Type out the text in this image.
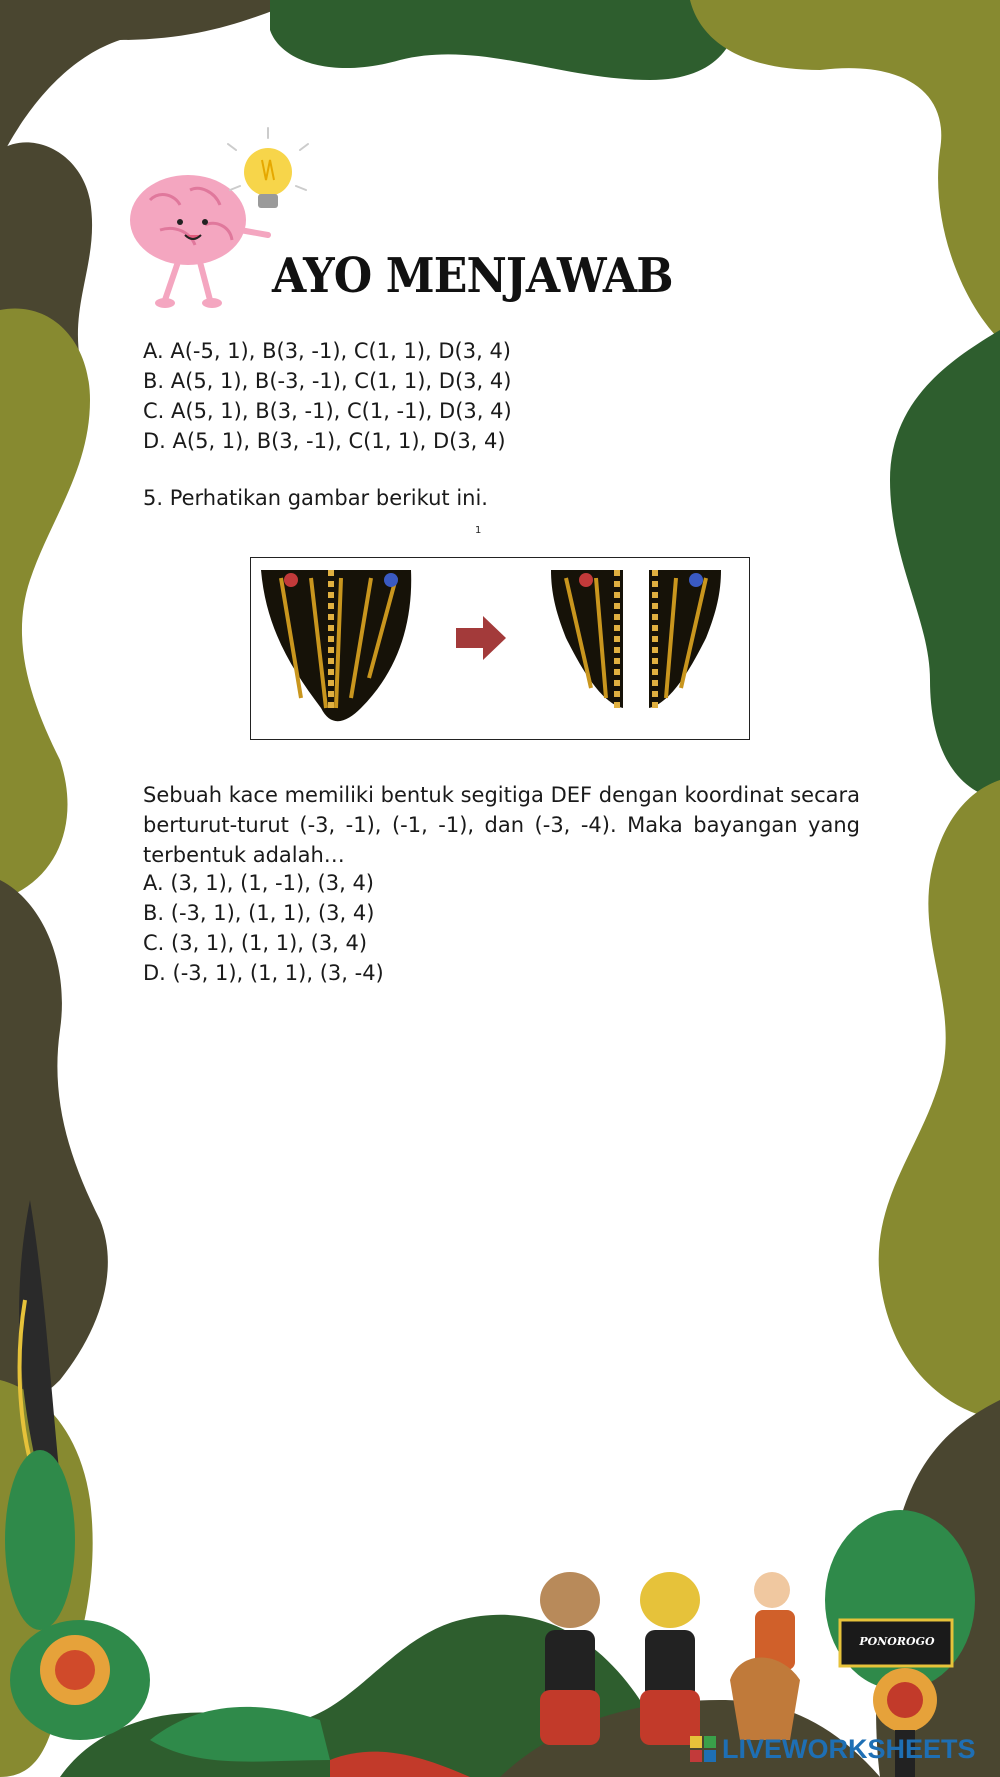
AYO MENJAWAB
A. A(-5, 1), B(3, -1), C(1, 1), D(3, 4)
B. A(5, 1), B(-3, -1), C(1, 1), D(3, 4)
C. A(5, 1), B(3, -1), C(1, -1), D(3, 4)
D. A(5, 1), B(3, -1), C(1, 1), D(3, 4)
5. Perhatikan gambar berikut ini.
1

Sebuah kace memiliki bentuk segitiga DEF dengan koordinat secara berturut-turut (-3, -1), (-1, -1), dan (-3, -4). Maka bayangan yang terbentuk adalah…

A. (3, 1), (1, -1), (3, 4)
B. (-3, 1), (1, 1), (3, 4)
C. (3, 1), (1, 1), (3, 4)
D. (-3, 1), (1, 1), (3, -4)
PONOROGO
LIVEWORKSHEETS
